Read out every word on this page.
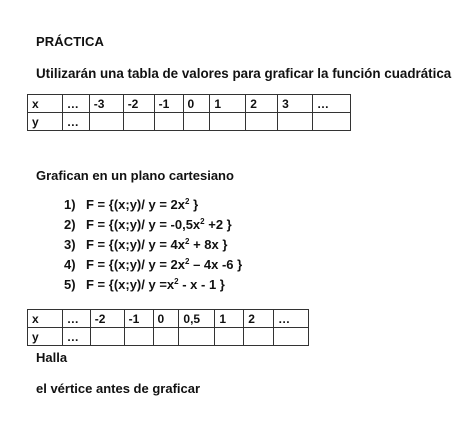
PRÁCTICA
Utilizarán una tabla de valores para graficar la función cuadrática
x	…	-3	-2	-1	0	1	2	3	…
y	…								
Grafican en un plano cartesiano
1) F = {(x;y)/ $y = 2x^2$ }
2) F = {(x;y)/ $y = -0,5x^2 +2$ }
3) F = {(x;y)/ $y = 4x^2 + 8x$ }
4) F = {(x;y)/ $y = 2x^2 - 4x$ -6 }
5) F = {(x;y)/ $y =x^2 - x - 1$ }
x	…	-2	-1	0	0,5	1	2	…
y	…							
Halla
el vértice antes de graficar
